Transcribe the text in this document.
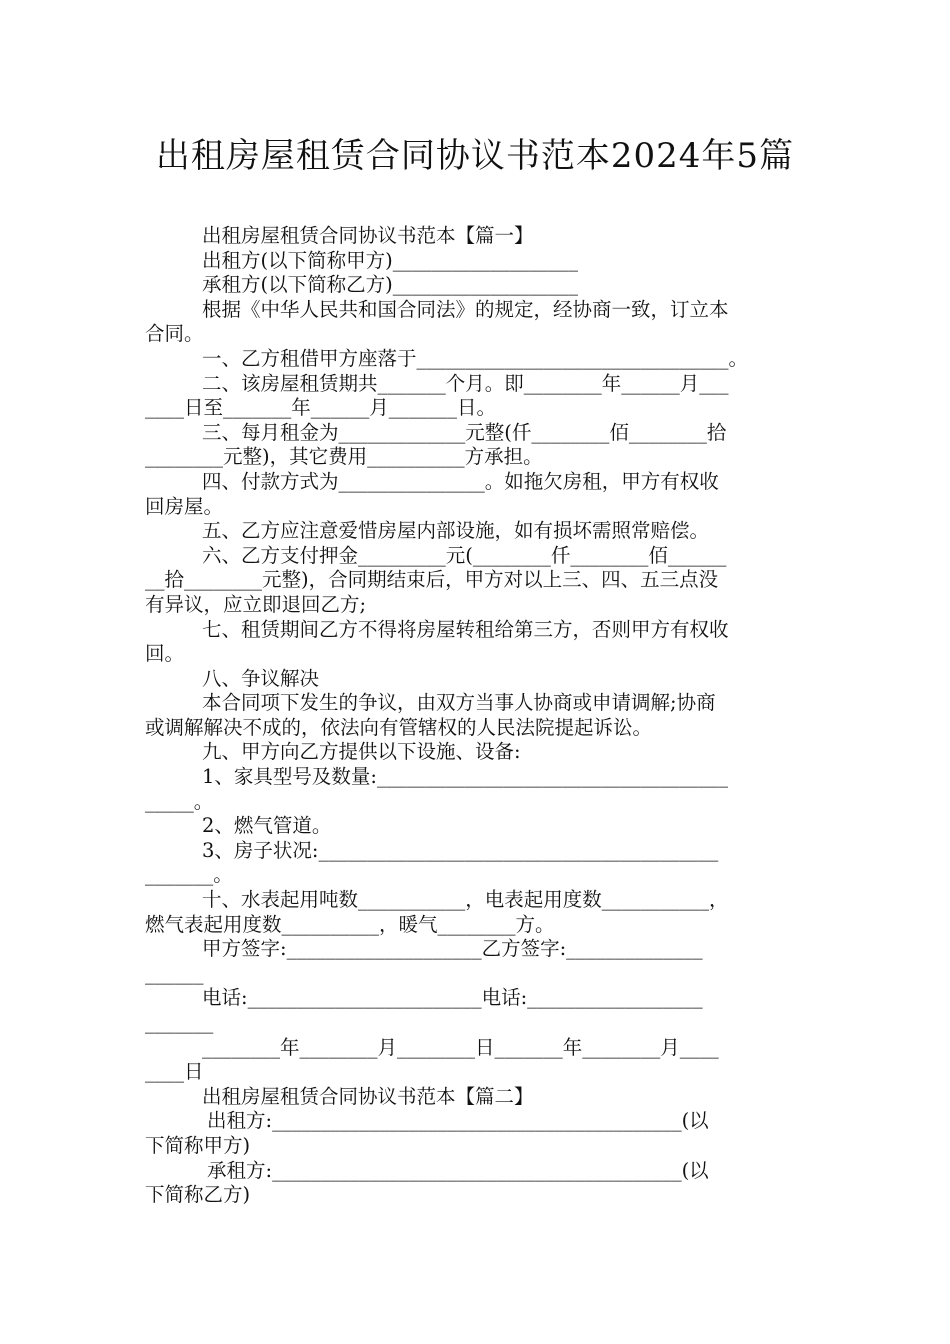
出租房屋租赁合同协议书范本2024年5篇
出租房屋租赁合同协议书范本【篇一】
出租方(以下简称甲方)___________________
承租方(以下简称乙方)___________________
根据《中华人民共和国合同法》的规定，经协商一致，订立本
合同。
一、乙方租借甲方座落于________________________________。
二、该房屋租赁期共_______个月。即________年______月___
____日至_______年______月_______日。
三、每月租金为_____________元整(仟________佰________拾
________元整)，其它费用__________方承担。
四、付款方式为_______________。如拖欠房租，甲方有权收
回房屋。
五、乙方应注意爱惜房屋内部设施，如有损坏需照常赔偿。
六、乙方支付押金_________元(________仟________佰______
__拾________元整)，合同期结束后，甲方对以上三、四、五三点没
有异议，应立即退回乙方;
七、租赁期间乙方不得将房屋转租给第三方，否则甲方有权收
回。
八、争议解决
本合同项下发生的争议，由双方当事人协商或申请调解;协商
或调解解决不成的，依法向有管辖权的人民法院提起诉讼。
九、甲方向乙方提供以下设施、设备:
1、家具型号及数量:____________________________________
_____。
2、燃气管道。
3、房子状况:_________________________________________
_______。
十、水表起用吨数___________，电表起用度数___________，
燃气表起用度数__________，暖气________方。
甲方签字:____________________乙方签字:______________
______
电话:________________________电话:__________________
_______
________年________月________日_______年________月____
____日
出租房屋租赁合同协议书范本【篇二】
出租方:__________________________________________(以
下简称甲方)
承租方:__________________________________________(以
下简称乙方)
